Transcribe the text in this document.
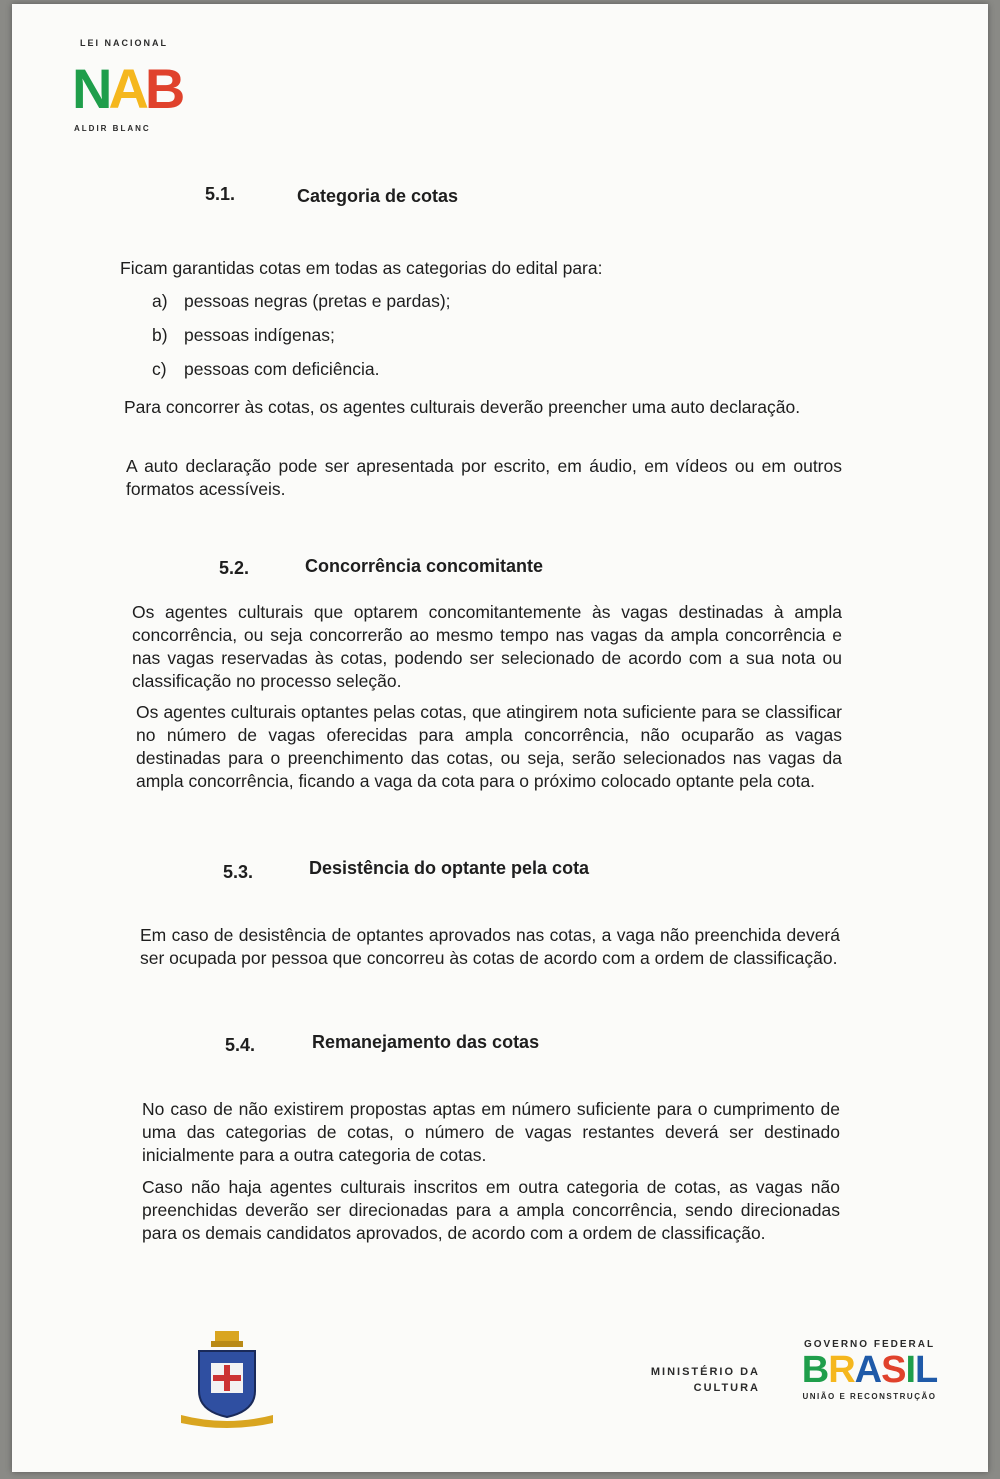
LEI NACIONAL
NAB
ALDIR BLANC
5.1.	Categoria de cotas
Ficam garantidas cotas em todas as categorias do edital para:
a) pessoas negras (pretas e pardas);
b) pessoas indígenas;
c) pessoas com deficiência.
Para concorrer às cotas, os agentes culturais deverão preencher uma auto declaração.
A auto declaração pode ser apresentada por escrito, em áudio, em vídeos ou em outros formatos acessíveis.
5.2.	Concorrência concomitante
Os agentes culturais que optarem concomitantemente às vagas destinadas à ampla concorrência, ou seja concorrerão ao mesmo tempo nas vagas da ampla concorrência e nas vagas reservadas às cotas, podendo ser selecionado de acordo com a sua nota ou classificação no processo seleção.
Os agentes culturais optantes pelas cotas, que atingirem nota suficiente para se classificar no número de vagas oferecidas para ampla concorrência, não ocuparão as vagas destinadas para o preenchimento das cotas, ou seja, serão selecionados nas vagas da ampla concorrência, ficando a vaga da cota para o próximo colocado optante pela cota.
5.3.	Desistência do optante pela cota
Em caso de desistência de optantes aprovados nas cotas, a vaga não preenchida deverá ser ocupada por pessoa que concorreu às cotas de acordo com a ordem de classificação.
5.4.	Remanejamento das cotas
No caso de não existirem propostas aptas em número suficiente para o cumprimento de uma das categorias de cotas, o número de vagas restantes deverá ser destinado inicialmente para a outra categoria de cotas.
Caso não haja agentes culturais inscritos em outra categoria de cotas, as vagas não preenchidas deverão ser direcionadas para a ampla concorrência, sendo direcionadas para os demais candidatos aprovados, de acordo com a ordem de classificação.
MINISTÉRIO DA
CULTURA
GOVERNO FEDERAL
BRASIL
UNIÃO E RECONSTRUÇÃO
